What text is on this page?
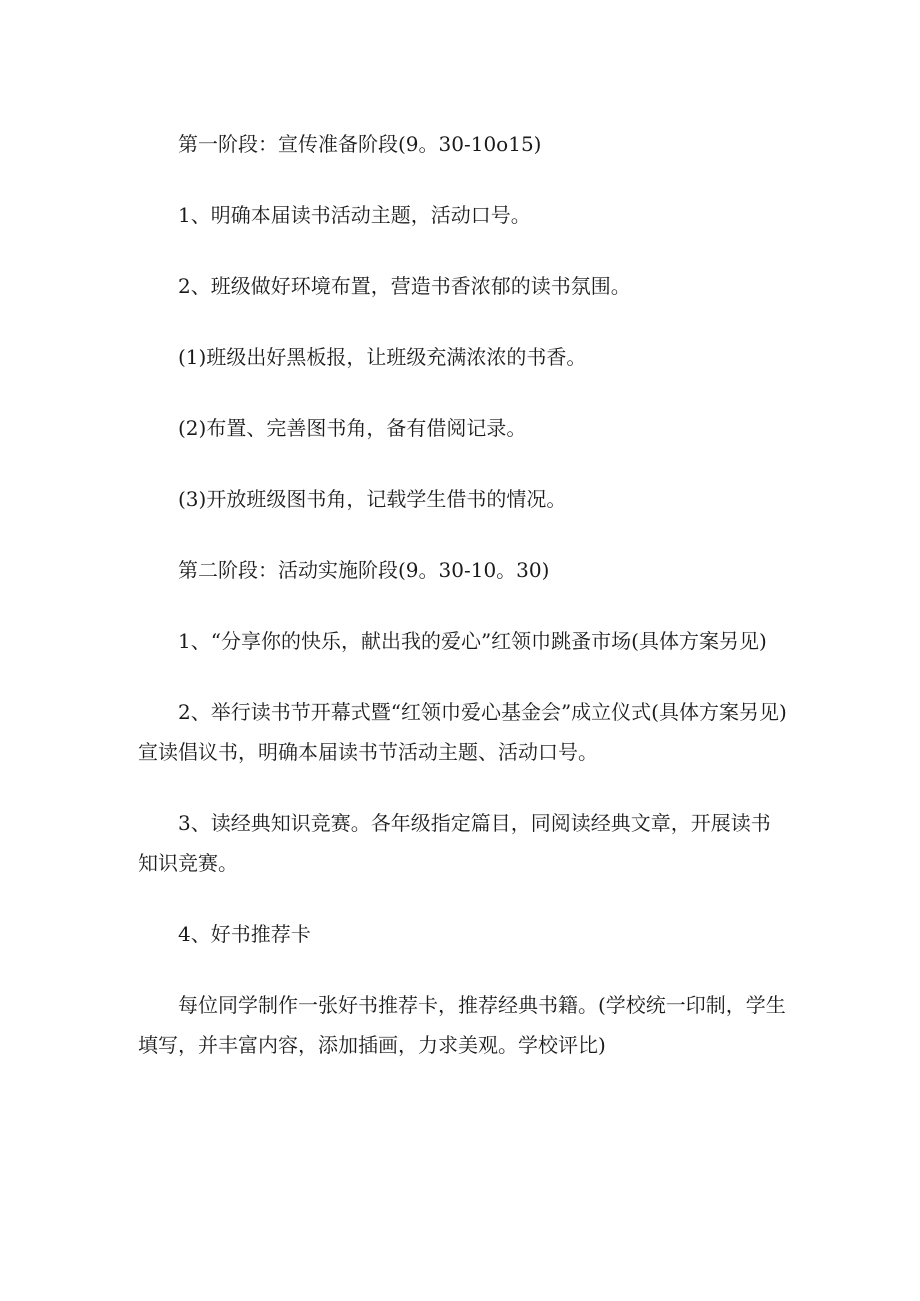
第一阶段：宣传准备阶段(9。30-10o15)

1、明确本届读书活动主题，活动口号。

2、班级做好环境布置，营造书香浓郁的读书氛围。

(1)班级出好黑板报，让班级充满浓浓的书香。

(2)布置、完善图书角，备有借阅记录。

(3)开放班级图书角，记载学生借书的情况。

第二阶段：活动实施阶段(9。30-10。30)

1、“分享你的快乐，献出我的爱心”红领巾跳蚤市场(具体方案另见)

2、举行读书节开幕式暨“红领巾爱心基金会”成立仪式(具体方案另见)宣读倡议书，明确本届读书节活动主题、活动口号。

3、读经典知识竞赛。各年级指定篇目，同阅读经典文章，开展读书知识竞赛。

4、好书推荐卡

每位同学制作一张好书推荐卡，推荐经典书籍。(学校统一印制，学生填写，并丰富内容，添加插画，力求美观。学校评比)
